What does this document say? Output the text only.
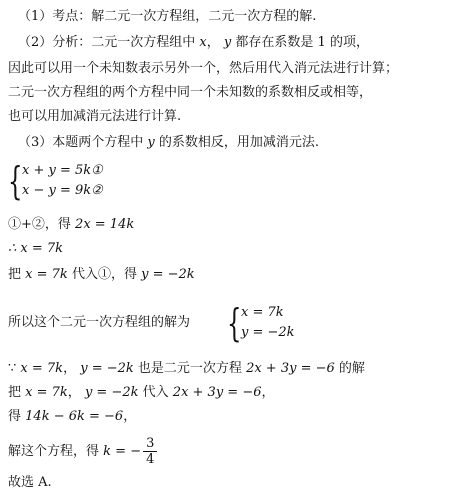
（1）考点：解二元一次方程组，二元一次方程的解.
（2）分析：二元一次方程组中 x， y 都存在系数是 1 的项，
因此可以用一个未知数表示另外一个，然后用代入消元法进行计算；
二元一次方程组的两个方程中同一个未知数的系数相反或相等，
也可以用加减消元法进行计算.
（3）本题两个方程中 y 的系数相反，用加减消元法.
{ x + y = 5k①
x − y = 9k②
①+②，得 2x = 14k
∴ x = 7k
把 x = 7k 代入①，得 y = −2k
所以这个二元一次方程组的解为 { x = 7k
y = −2k
∵ x = 7k， y = −2k 也是二元一次方程 2x + 3y = −6 的解
把 x = 7k， y = −2k 代入 2x + 3y = −6，
得 14k − 6k = −6，
解这个方程，得 k = − $\frac{3}{4}$
故选 A.
